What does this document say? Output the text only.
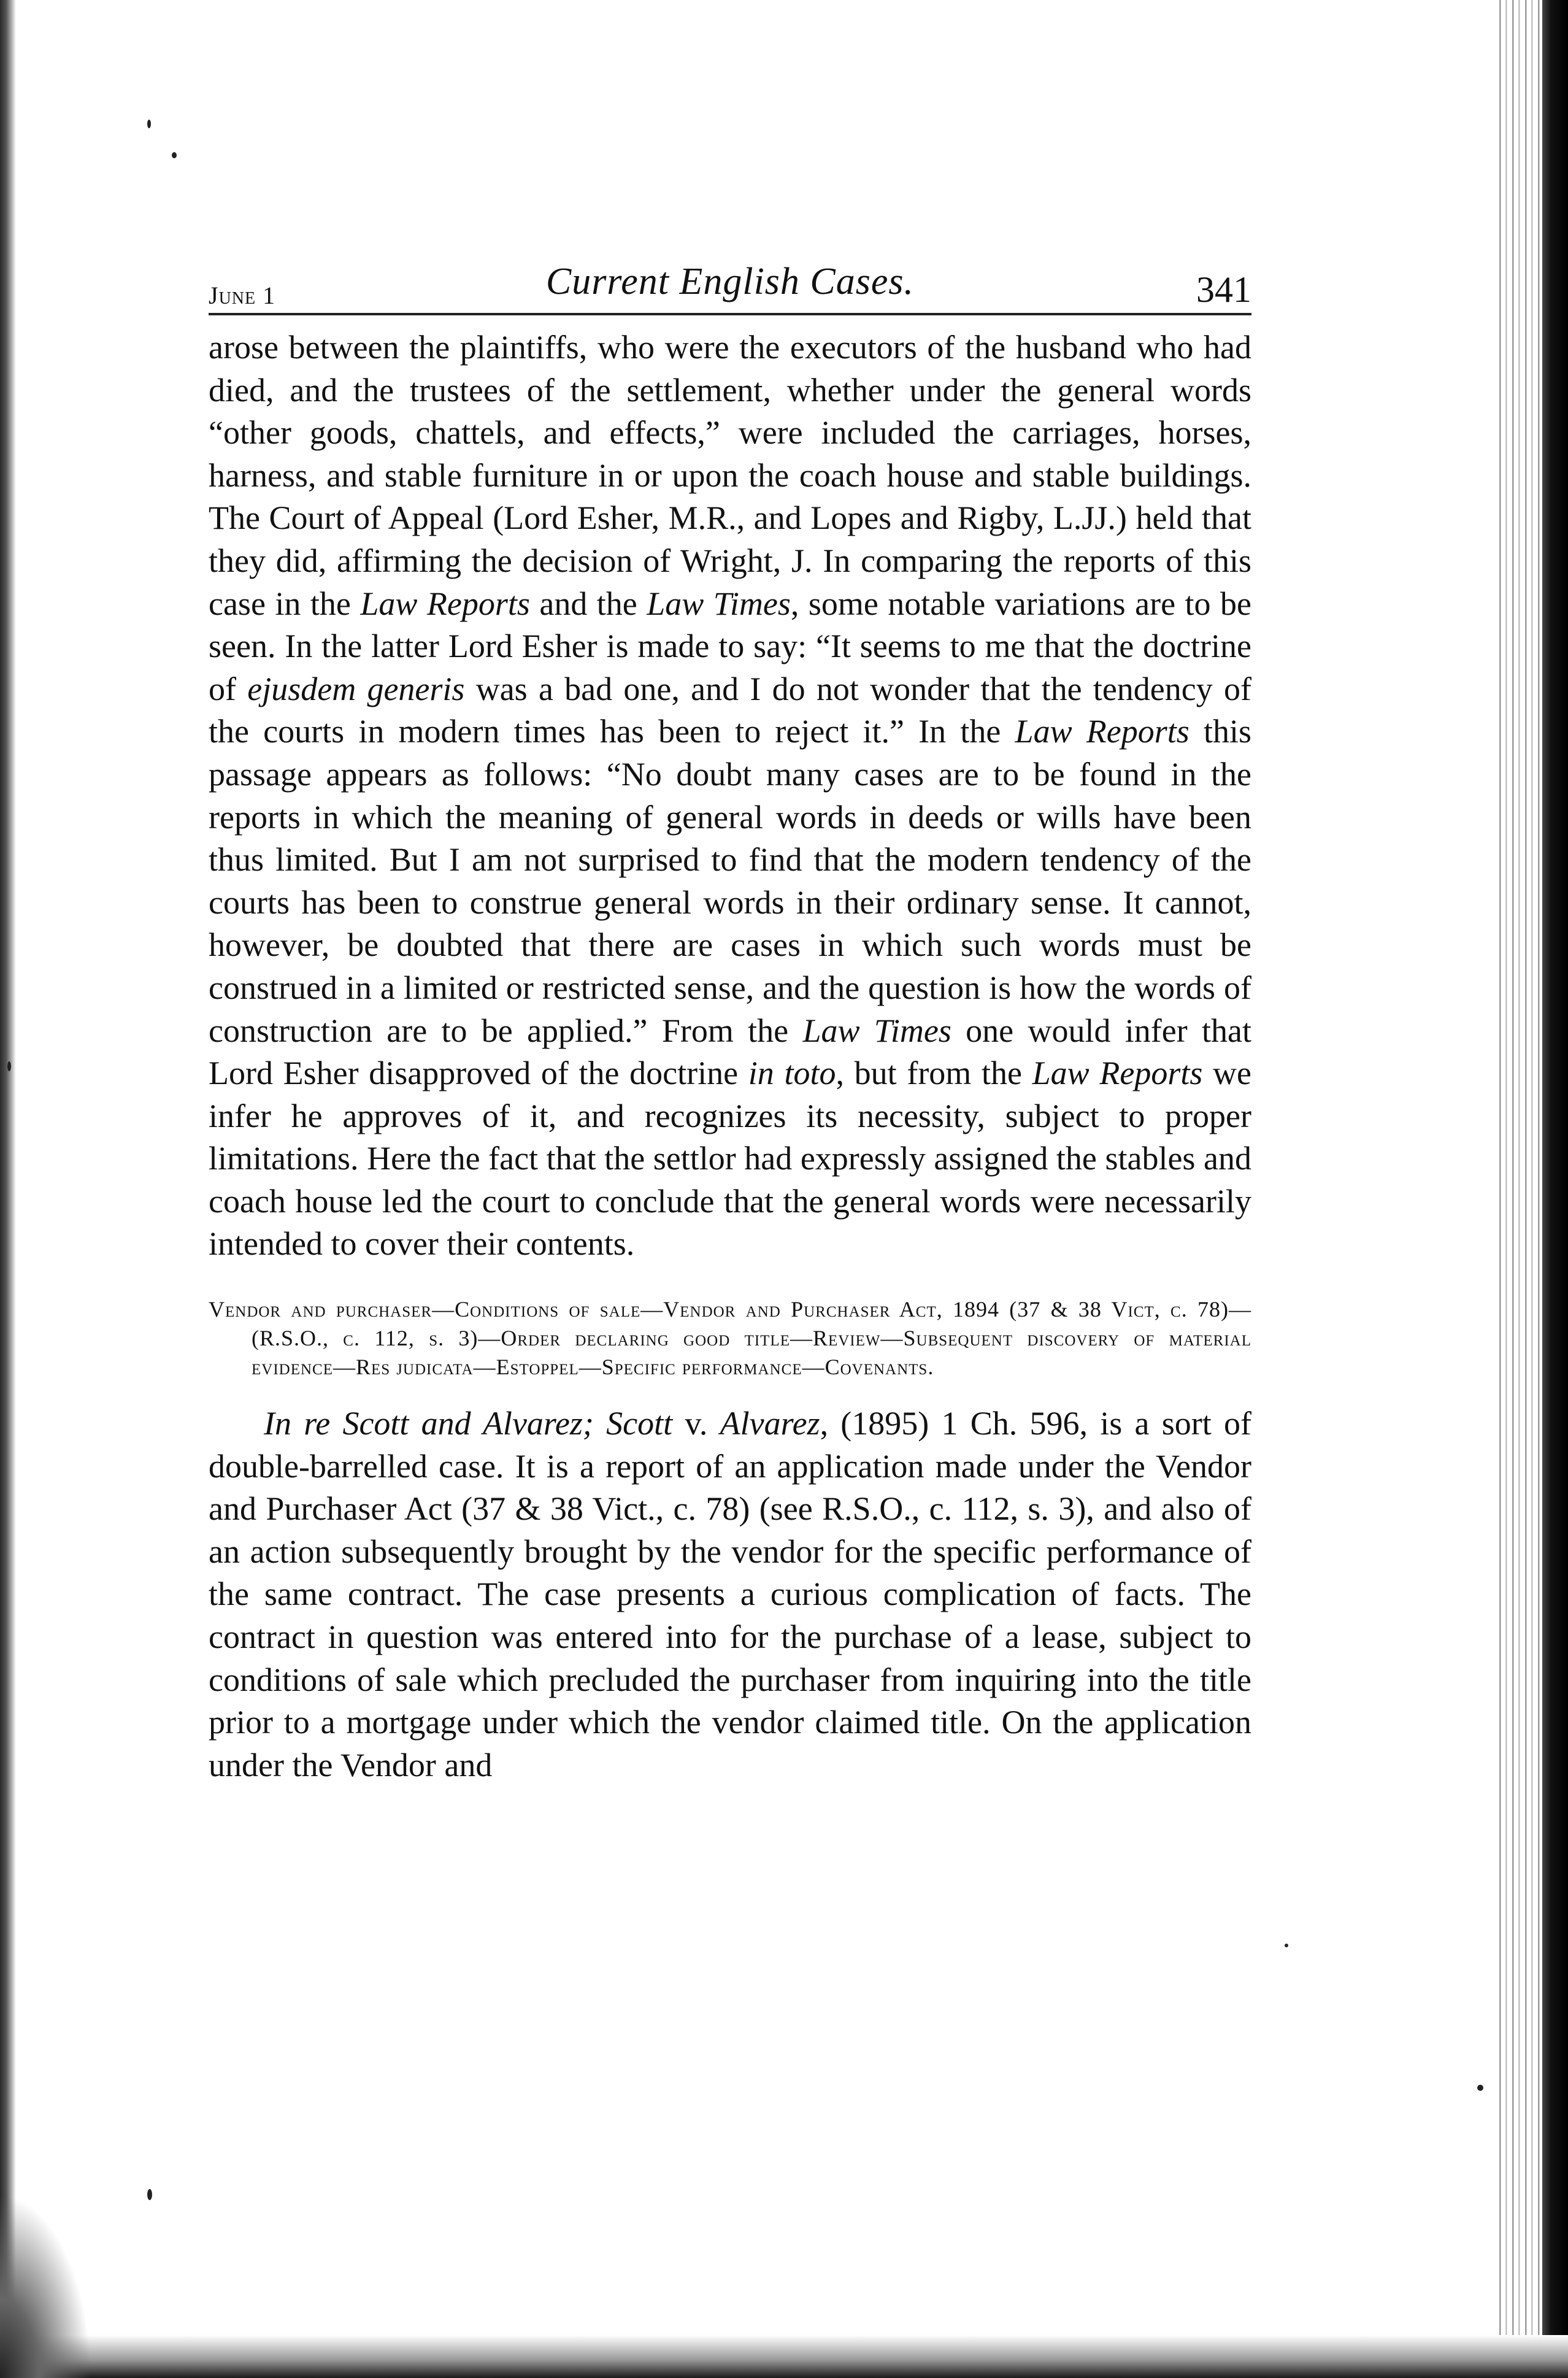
June 1	Current English Cases.	341

arose between the plaintiffs, who were the executors of the husband who had died, and the trustees of the settlement, whether under the general words “other goods, chattels, and effects,” were included the carriages, horses, harness, and stable furniture in or upon the coach house and stable buildings. The Court of Appeal (Lord Esher, M.R., and Lopes and Rigby, L.JJ.) held that they did, affirming the decision of Wright, J. In comparing the reports of this case in the Law Reports and the Law Times, some notable variations are to be seen. In the latter Lord Esher is made to say: “It seems to me that the doctrine of ejusdem generis was a bad one, and I do not wonder that the tendency of the courts in modern times has been to reject it.” In the Law Reports this passage appears as follows: “No doubt many cases are to be found in the reports in which the meaning of general words in deeds or wills have been thus limited. But I am not surprised to find that the modern tendency of the courts has been to construe general words in their ordinary sense. It cannot, however, be doubted that there are cases in which such words must be construed in a limited or restricted sense, and the question is how the words of construction are to be applied.” From the Law Times one would infer that Lord Esher disapproved of the doctrine in toto, but from the Law Reports we infer he approves of it, and recognizes its necessity, subject to proper limitations. Here the fact that the settlor had expressly assigned the stables and coach house led the court to conclude that the general words were necessarily intended to cover their contents.

Vendor and purchaser—Conditions of sale—Vendor and Purchaser Act, 1894 (37 & 38 Vict, c. 78)—(R.S.O., c. 112, s. 3)—Order declaring good title—Review—Subsequent discovery of material evidence—Res judicata—Estoppel—Specific performance—Covenants.

In re Scott and Alvarez; Scott v. Alvarez, (1895) 1 Ch. 596, is a sort of double-barrelled case. It is a report of an application made under the Vendor and Purchaser Act (37 & 38 Vict., c. 78) (see R.S.O., c. 112, s. 3), and also of an action subsequently brought by the vendor for the specific performance of the same contract. The case presents a curious complication of facts. The contract in question was entered into for the purchase of a lease, subject to conditions of sale which precluded the purchaser from inquiring into the title prior to a mortgage under which the vendor claimed title. On the application under the Vendor and
